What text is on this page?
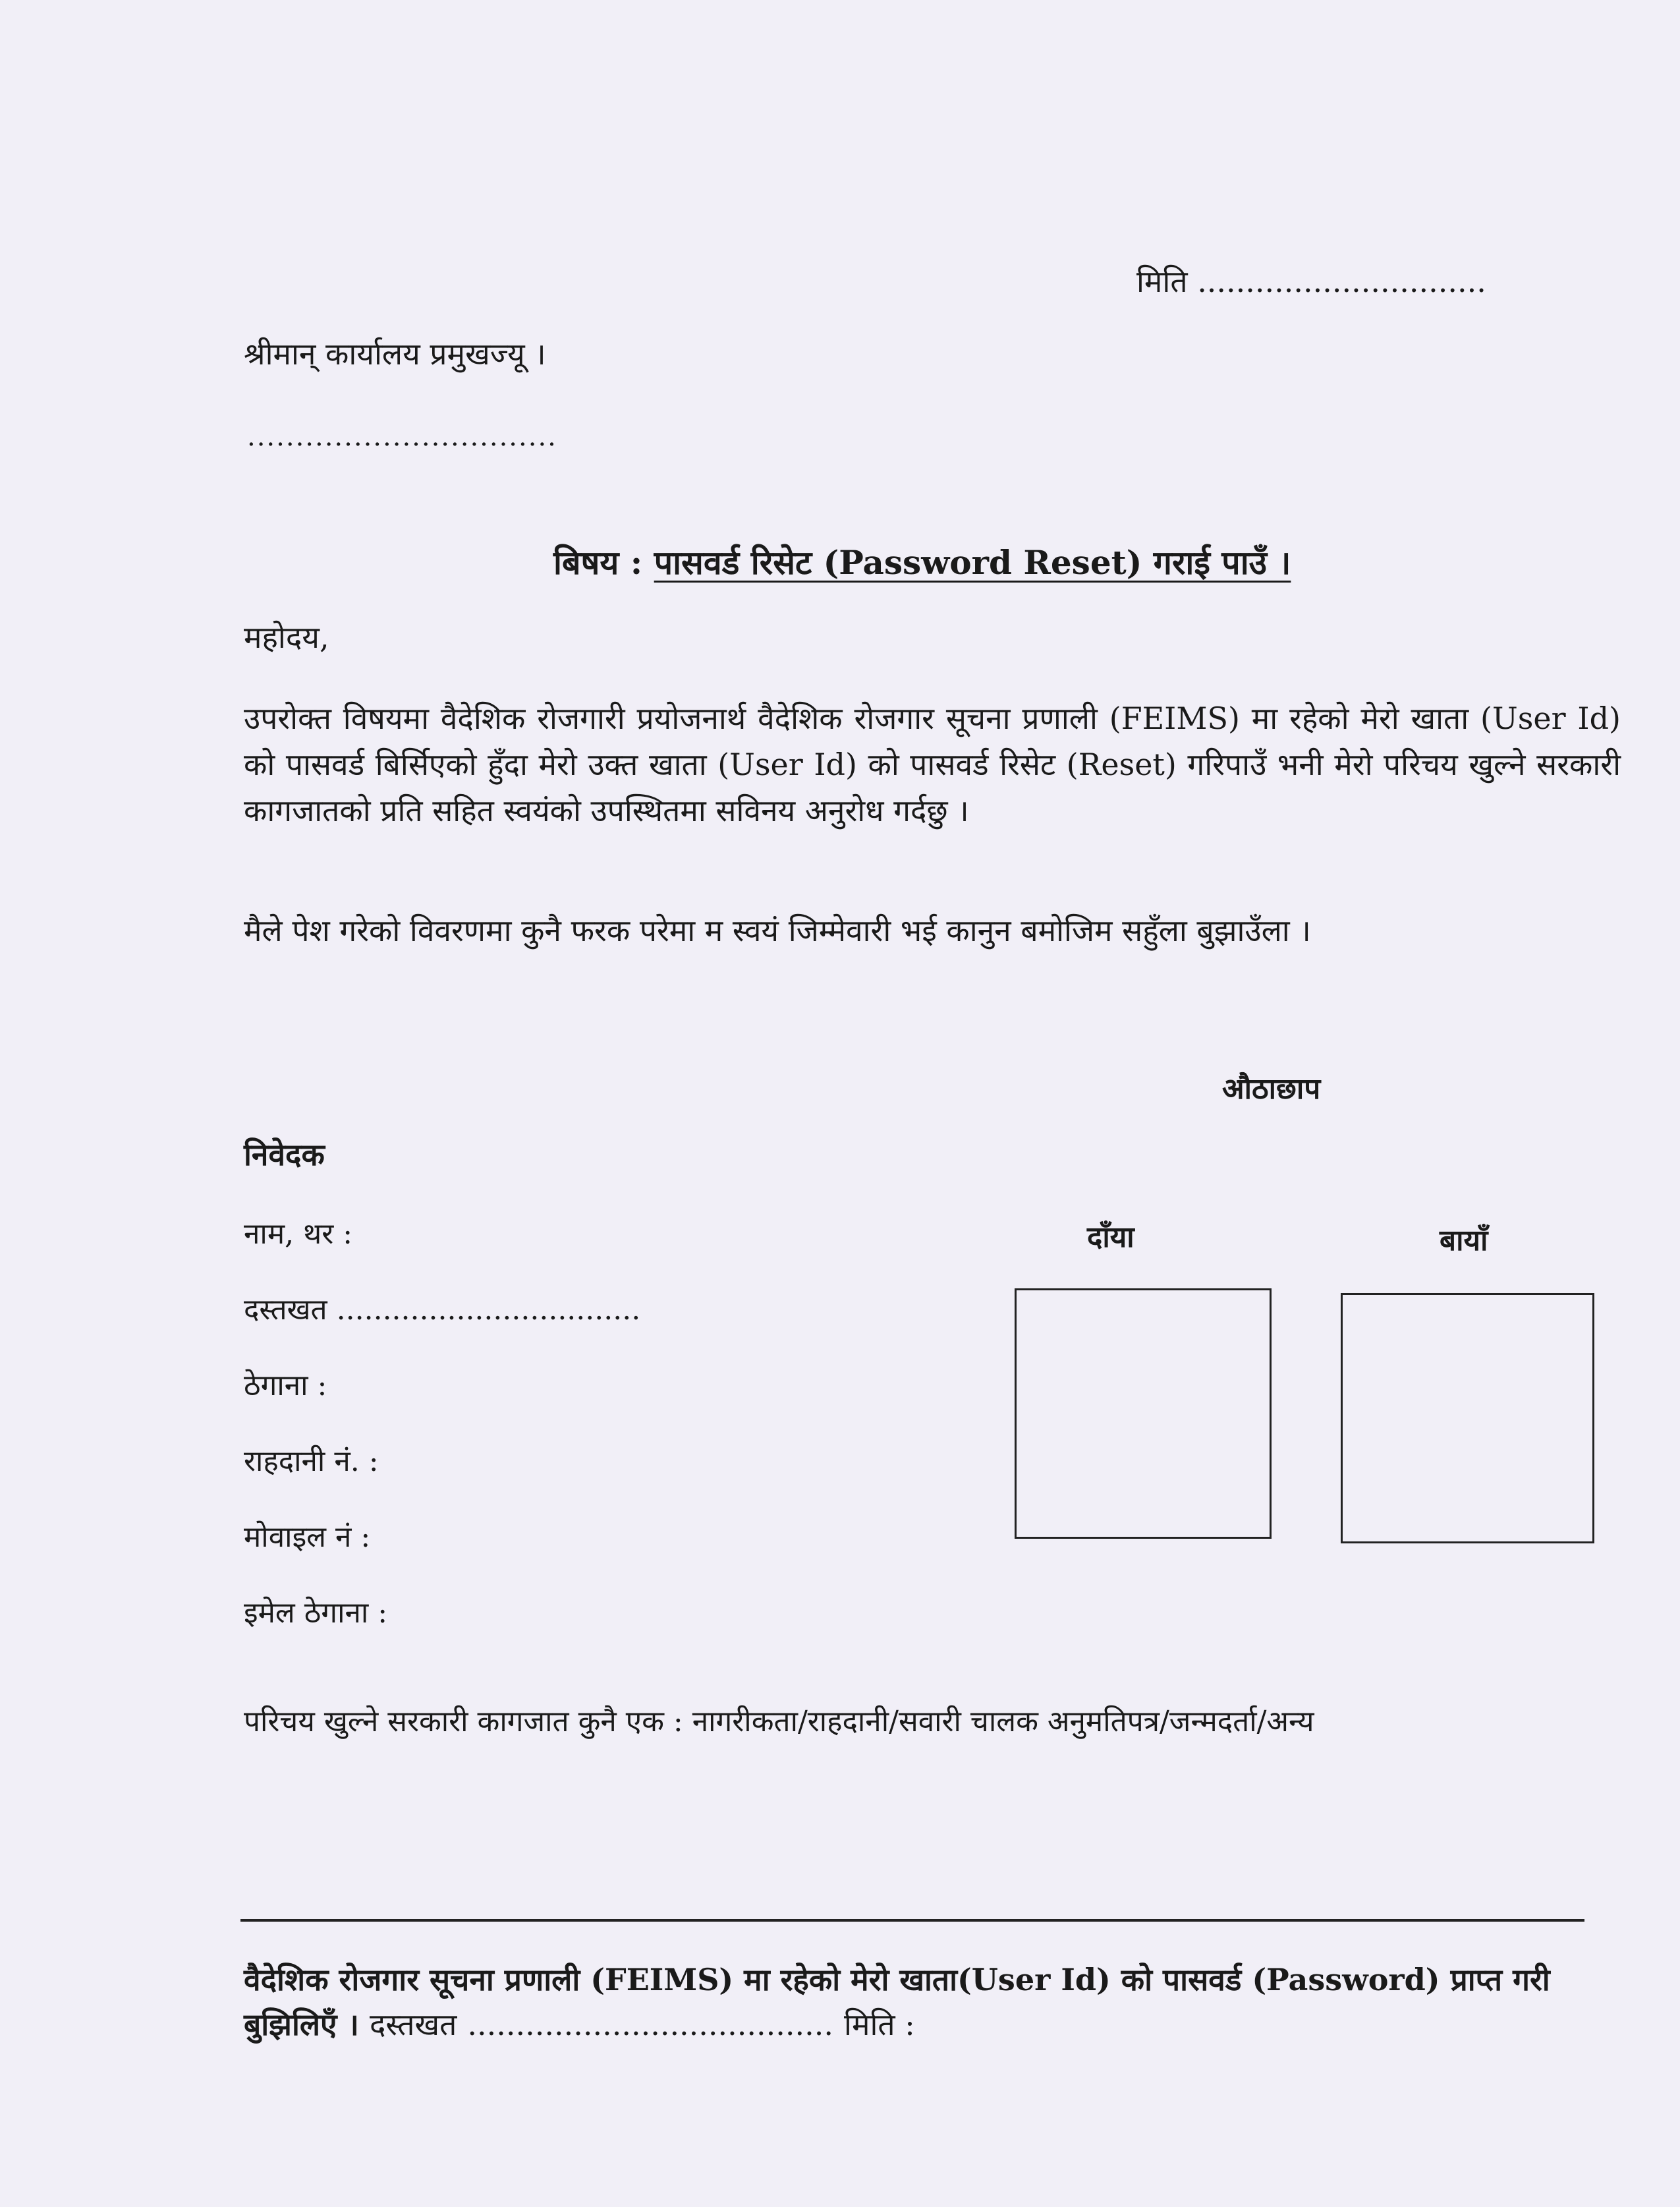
मिति ..............................
श्रीमान् कार्यालय प्रमुखज्यू ।
................................
बिषय : पासवर्ड रिसेट (Password Reset) गराई पाउँ ।
महोदय,
उपरोक्त विषयमा वैदेशिक रोजगारी प्रयोजनार्थ वैदेशिक रोजगार सूचना प्रणाली (FEIMS) मा रहेको मेरो खाता (User Id) को पासवर्ड बिर्सिएको हुँदा मेरो उक्त खाता (User Id) को पासवर्ड रिसेट (Reset) गरिपाउँ भनी मेरो परिचय खुल्ने सरकारी कागजातको प्रति सहित स्वयंको उपस्थितमा सविनय अनुरोध गर्दछु ।
मैले पेश गरेको विवरणमा कुनै फरक परेमा म स्वयं जिम्मेवारी भई कानुन बमोजिम सहुँला बुझाउँला ।
औठाछाप
निवेदक
नाम, थर :
दस्तखत .................................
ठेगाना :
राहदानी नं. :
मोवाइल नं :
इमेल ठेगाना :
दाँया	बायाँ
परिचय खुल्ने सरकारी कागजात कुनै एक : नागरीकता/राहदानी/सवारी चालक अनुमतिपत्र/जन्मदर्ता/अन्य
वैदेशिक रोजगार सूचना प्रणाली (FEIMS) मा रहेको मेरो खाता(User Id) को पासवर्ड (Password) प्राप्त गरी बुझिलिएँ । दस्तखत ...................................... मिति :
